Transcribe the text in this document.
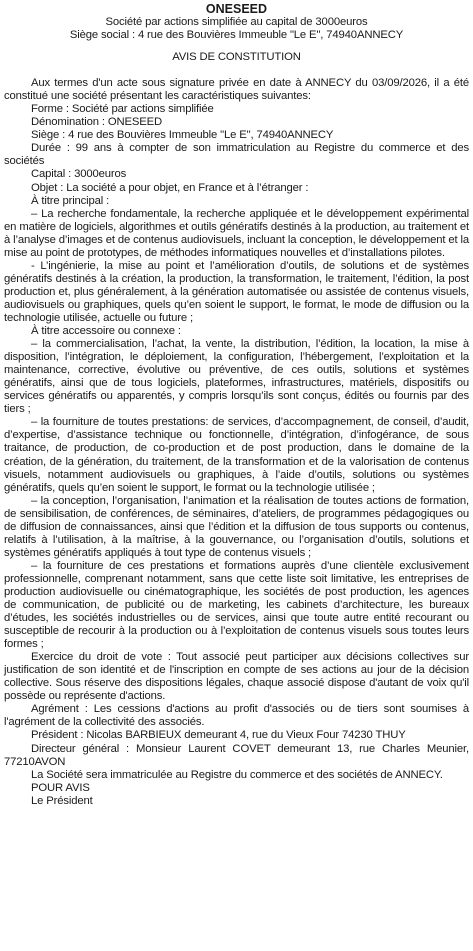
ONESEED
Société par actions simplifiée au capital de 3000euros
Siège social : 4 rue des Bouvières Immeuble "Le E", 74940ANNECY
AVIS DE CONSTITUTION

Aux termes d'un acte sous signature privée en date à ANNECY du 03/09/2026, il a été constitué une société présentant les caractéristiques suivantes:

Forme : Société par actions simplifiée

Dénomination : ONESEED

Siège : 4 rue des Bouvières Immeuble "Le E", 74940ANNECY

Durée : 99 ans à compter de son immatriculation au Registre du commerce et des sociétés

Capital : 3000euros

Objet : La société a pour objet, en France et à l’étranger :

À titre principal :

– La recherche fondamentale, la recherche appliquée et le développement expérimental en matière de logiciels, algorithmes et outils génératifs destinés à la production, au traitement et à l’analyse d’images et de contenus audiovisuels, incluant la conception, le développement et la mise au point de prototypes, de méthodes informatiques nouvelles et d’installations pilotes.

- L’ingénierie, la mise au point et l’amélioration d’outils, de solutions et de systèmes génératifs destinés à la création, la production, la transformation, le traitement, l’édition, la post production et, plus généralement, à la génération automatisée ou assistée de contenus visuels, audiovisuels ou graphiques, quels qu’en soient le support, le format, le mode de diffusion ou la technologie utilisée, actuelle ou future ;

À titre accessoire ou connexe :

– la commercialisation, l’achat, la vente, la distribution, l’édition, la location, la mise à disposition, l’intégration, le déploiement, la configuration, l’hébergement, l’exploitation et la maintenance, corrective, évolutive ou préventive, de ces outils, solutions et systèmes génératifs, ainsi que de tous logiciels, plateformes, infrastructures, matériels, dispositifs ou services génératifs ou apparentés, y compris lorsqu’ils sont conçus, édités ou fournis par des tiers ;

– la fourniture de toutes prestations: de services, d’accompagnement, de conseil, d’audit, d’expertise, d’assistance technique ou fonctionnelle, d’intégration, d’infogérance, de sous traitance, de production, de co-production et de post production, dans le domaine de la création, de la génération, du traitement, de la transformation et de la valorisation de contenus visuels, notamment audiovisuels ou graphiques, à l’aide d’outils, solutions ou systèmes génératifs, quels qu’en soient le support, le format ou la technologie utilisée ;

– la conception, l’organisation, l’animation et la réalisation de toutes actions de formation, de sensibilisation, de conférences, de séminaires, d’ateliers, de programmes pédagogiques ou de diffusion de connaissances, ainsi que l’édition et la diffusion de tous supports ou contenus, relatifs à l’utilisation, à la maîtrise, à la gouvernance, ou l’organisation d’outils, solutions et systèmes génératifs appliqués à tout type de contenus visuels ;

– la fourniture de ces prestations et formations auprès d’une clientèle exclusivement professionnelle, comprenant notamment, sans que cette liste soit limitative, les entreprises de production audiovisuelle ou cinématographique, les sociétés de post production, les agences de communication, de publicité ou de marketing, les cabinets d’architecture, les bureaux d’études, les sociétés industrielles ou de services, ainsi que toute autre entité recourant ou susceptible de recourir à la production ou à l’exploitation de contenus visuels sous toutes leurs formes ;

Exercice du droit de vote : Tout associé peut participer aux décisions collectives sur justification de son identité et de l'inscription en compte de ses actions au jour de la décision collective. Sous réserve des dispositions légales, chaque associé dispose d'autant de voix qu'il possède ou représente d'actions.

Agrément : Les cessions d'actions au profit d'associés ou de tiers sont soumises à l'agrément de la collectivité des associés.

Président : Nicolas BARBIEUX demeurant 4, rue du Vieux Four 74230 THUY

Directeur général : Monsieur Laurent COVET demeurant 13, rue Charles Meunier, 77210AVON

La Société sera immatriculée au Registre du commerce et des sociétés de ANNECY.

POUR AVIS

Le Président
